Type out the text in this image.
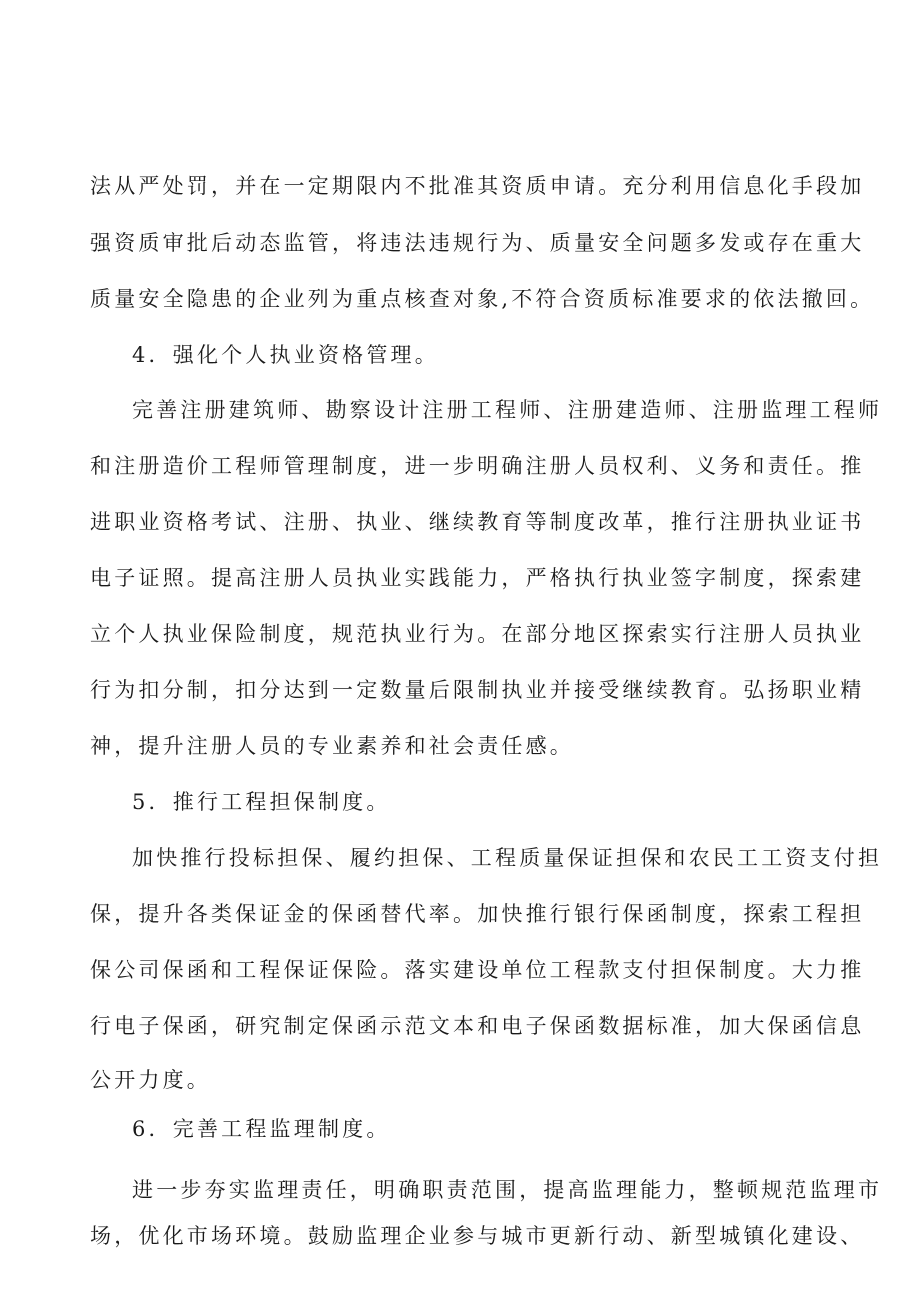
法从严处罚，并在一定期限内不批准其资质申请。充分利用信息化手段加
强资质审批后动态监管，将违法违规行为、质量安全问题多发或存在重大
质量安全隐患的企业列为重点核查对象,不符合资质标准要求的依法撤回。
4．强化个人执业资格管理。
完善注册建筑师、勘察设计注册工程师、注册建造师、注册监理工程师
和注册造价工程师管理制度，进一步明确注册人员权利、义务和责任。推
进职业资格考试、注册、执业、继续教育等制度改革，推行注册执业证书
电子证照。提高注册人员执业实践能力，严格执行执业签字制度，探索建
立个人执业保险制度，规范执业行为。在部分地区探索实行注册人员执业
行为扣分制，扣分达到一定数量后限制执业并接受继续教育。弘扬职业精
神，提升注册人员的专业素养和社会责任感。
5．推行工程担保制度。
加快推行投标担保、履约担保、工程质量保证担保和农民工工资支付担
保，提升各类保证金的保函替代率。加快推行银行保函制度，探索工程担
保公司保函和工程保证保险。落实建设单位工程款支付担保制度。大力推
行电子保函，研究制定保函示范文本和电子保函数据标准，加大保函信息
公开力度。
6．完善工程监理制度。
进一步夯实监理责任，明确职责范围，提高监理能力，整顿规范监理市
场，优化市场环境。鼓励监理企业参与城市更新行动、新型城镇化建设、
